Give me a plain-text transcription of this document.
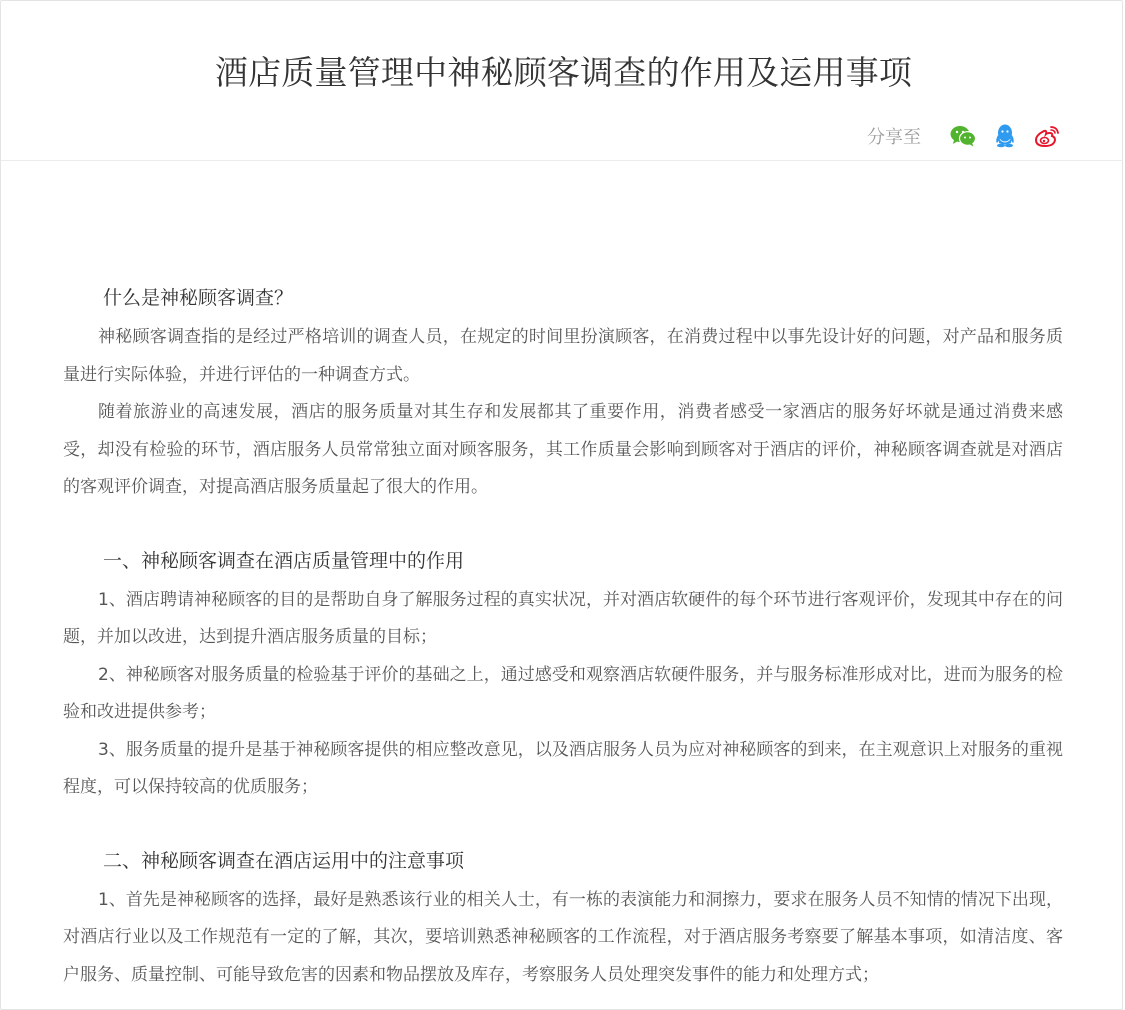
酒店质量管理中神秘顾客调查的作用及运用事项
分享至
什么是神秘顾客调查？

神秘顾客调查指的是经过严格培训的调查人员，在规定的时间里扮演顾客，在消费过程中以事先设计好的问题，对产品和服务质量进行实际体验，并进行评估的一种调查方式。

随着旅游业的高速发展，酒店的服务质量对其生存和发展都其了重要作用，消费者感受一家酒店的服务好坏就是通过消费来感受，却没有检验的环节，酒店服务人员常常独立面对顾客服务，其工作质量会影响到顾客对于酒店的评价，神秘顾客调查就是对酒店的客观评价调查，对提高酒店服务质量起了很大的作用。

一、神秘顾客调查在酒店质量管理中的作用

1、酒店聘请神秘顾客的目的是帮助自身了解服务过程的真实状况，并对酒店软硬件的每个环节进行客观评价，发现其中存在的问题，并加以改进，达到提升酒店服务质量的目标；

2、神秘顾客对服务质量的检验基于评价的基础之上，通过感受和观察酒店软硬件服务，并与服务标准形成对比，进而为服务的检验和改进提供参考；

3、服务质量的提升是基于神秘顾客提供的相应整改意见，以及酒店服务人员为应对神秘顾客的到来，在主观意识上对服务的重视程度，可以保持较高的优质服务；

二、神秘顾客调查在酒店运用中的注意事项

1、首先是神秘顾客的选择，最好是熟悉该行业的相关人士，有一栋的表演能力和洞擦力，要求在服务人员不知情的情况下出现，对酒店行业以及工作规范有一定的了解，其次，要培训熟悉神秘顾客的工作流程，对于酒店服务考察要了解基本事项，如清洁度、客户服务、质量控制、可能导致危害的因素和物品摆放及库存，考察服务人员处理突发事件的能力和处理方式；
